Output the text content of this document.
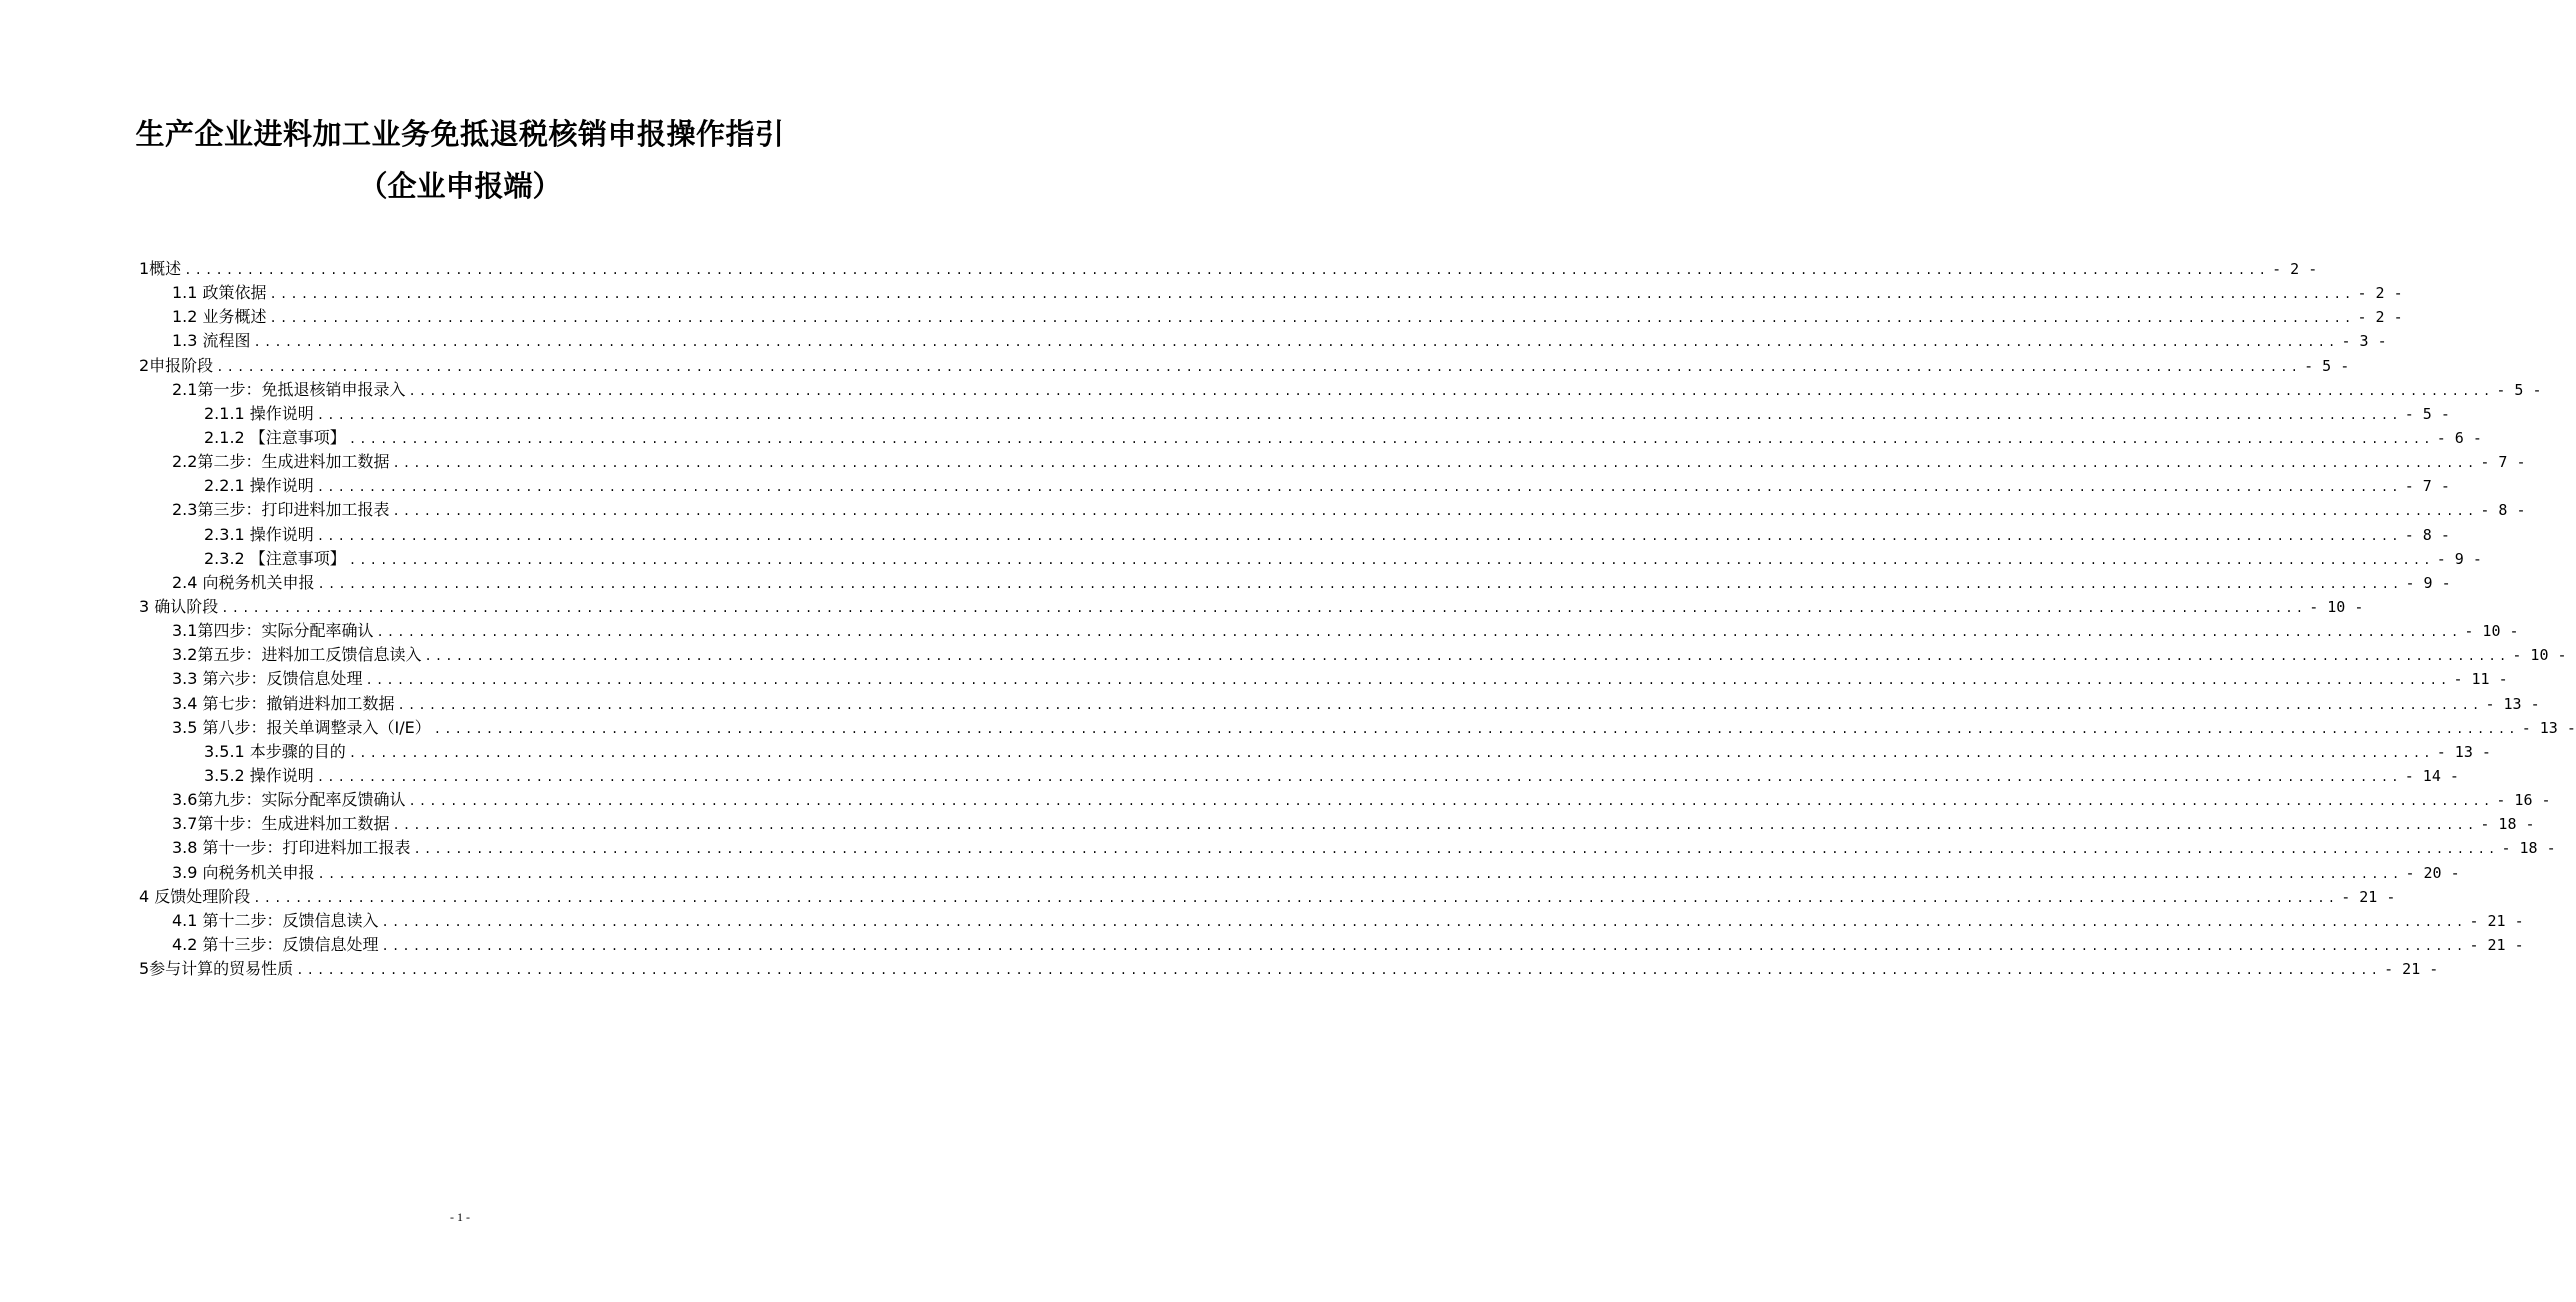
生产企业进料加工业务免抵退税核销申报操作指引
（企业申报端）
1概述 ........................................................................................................................................................................................................ - 2 -
1.1 政策依据 ........................................................................................................................................................................................................ - 2 -
1.2 业务概述 ........................................................................................................................................................................................................ - 2 -
1.3 流程图 ........................................................................................................................................................................................................ - 3 -
2申报阶段 ........................................................................................................................................................................................................ - 5 -
2.1第一步：免抵退核销申报录入 ........................................................................................................................................................................................................ - 5 -
2.1.1 操作说明 ........................................................................................................................................................................................................ - 5 -
2.1.2 【注意事项】 ........................................................................................................................................................................................................ - 6 -
2.2第二步：生成进料加工数据 ........................................................................................................................................................................................................ - 7 -
2.2.1 操作说明 ........................................................................................................................................................................................................ - 7 -
2.3第三步：打印进料加工报表 ........................................................................................................................................................................................................ - 8 -
2.3.1 操作说明 ........................................................................................................................................................................................................ - 8 -
2.3.2 【注意事项】 ........................................................................................................................................................................................................ - 9 -
2.4 向税务机关申报 ........................................................................................................................................................................................................ - 9 -
3 确认阶段 ........................................................................................................................................................................................................ - 10 -
3.1第四步：实际分配率确认 ........................................................................................................................................................................................................ - 10 -
3.2第五步：进料加工反馈信息读入 ........................................................................................................................................................................................................ - 10 -
3.3 第六步：反馈信息处理 ........................................................................................................................................................................................................ - 11 -
3.4 第七步：撤销进料加工数据 ........................................................................................................................................................................................................ - 13 -
3.5 第八步：报关单调整录入（I/E） ........................................................................................................................................................................................................ - 13 -
3.5.1 本步骤的目的 ........................................................................................................................................................................................................ - 13 -
3.5.2 操作说明 ........................................................................................................................................................................................................ - 14 -
3.6第九步：实际分配率反馈确认 ........................................................................................................................................................................................................ - 16 -
3.7第十步：生成进料加工数据 ........................................................................................................................................................................................................ - 18 -
3.8 第十一步：打印进料加工报表 ........................................................................................................................................................................................................ - 18 -
3.9 向税务机关申报 ........................................................................................................................................................................................................ - 20 -
4 反馈处理阶段 ........................................................................................................................................................................................................ - 21 -
4.1 第十二步：反馈信息读入 ........................................................................................................................................................................................................ - 21 -
4.2 第十三步：反馈信息处理 ........................................................................................................................................................................................................ - 21 -
5参与计算的贸易性质 ........................................................................................................................................................................................................ - 21 -
- 1 -
